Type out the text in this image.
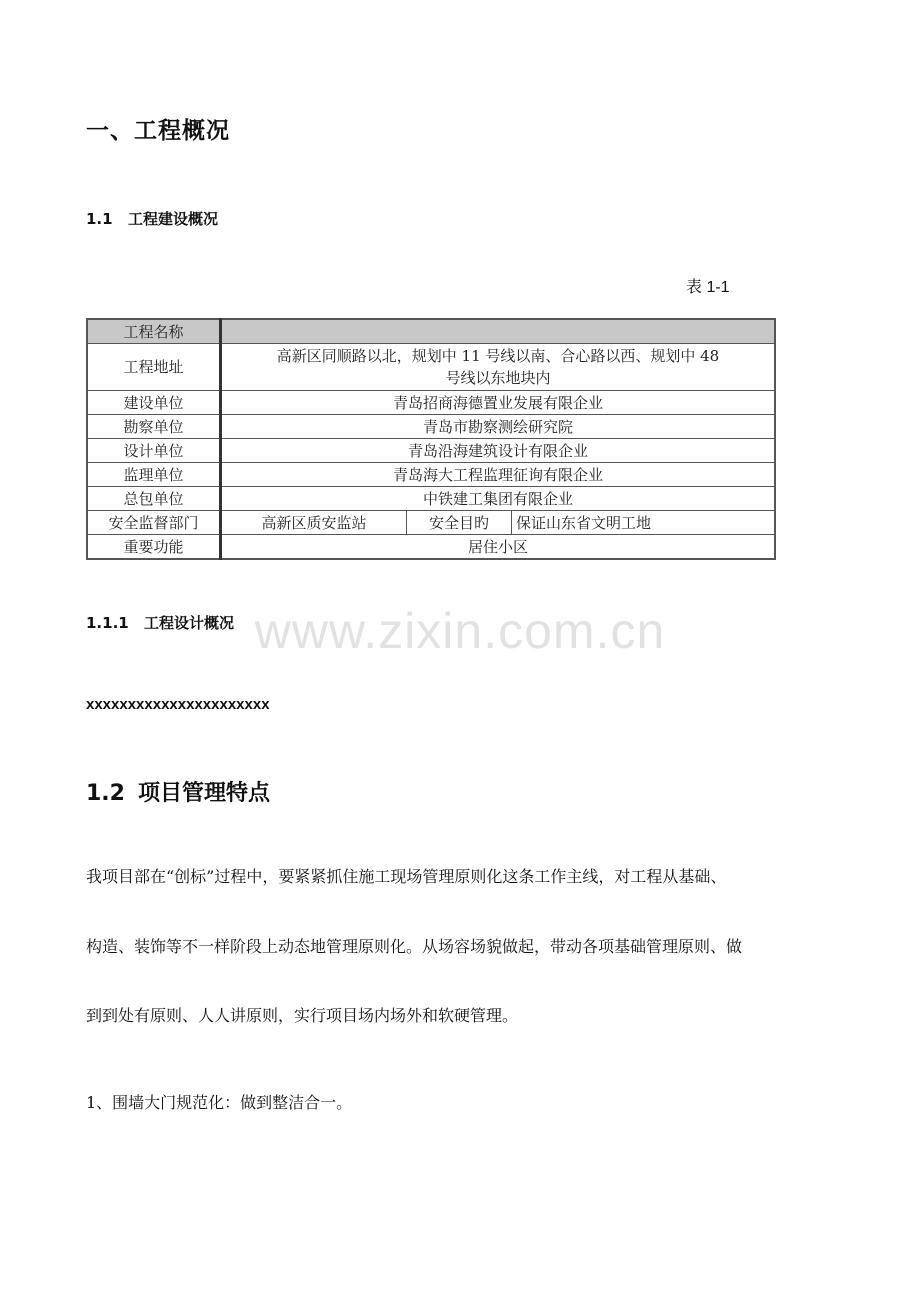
一、工程概况
1.1 工程建设概况
表 1-1
工程名称			
工程地址	高新区同顺路以北，规划中 11 号线以南、合心路以西、规划中 48
号线以东地块内		

建设单位	青岛招商海德置业发展有限企业		
勘察单位	青岛市勘察测绘研究院		
设计单位	青岛沿海建筑设计有限企业		
监理单位	青岛海大工程监理征询有限企业		
总包单位	中铁建工集团有限企业		
安全监督部门	高新区质安监站	安全目旳	保证山东省文明工地
重要功能	居住小区		
1.1.1 工程设计概况
xxxxxxxxxxxxxxxxxxxxxx
1.2 项目管理特点
我项目部在“创标”过程中，要紧紧抓住施工现场管理原则化这条工作主线，对工程从基础、
构造、装饰等不一样阶段上动态地管理原则化。从场容场貌做起，带动各项基础管理原则、做
到到处有原则、人人讲原则，实行项目场内场外和软硬管理。
1、围墙大门规范化：做到整洁合一。
www.zixin.com.cn
